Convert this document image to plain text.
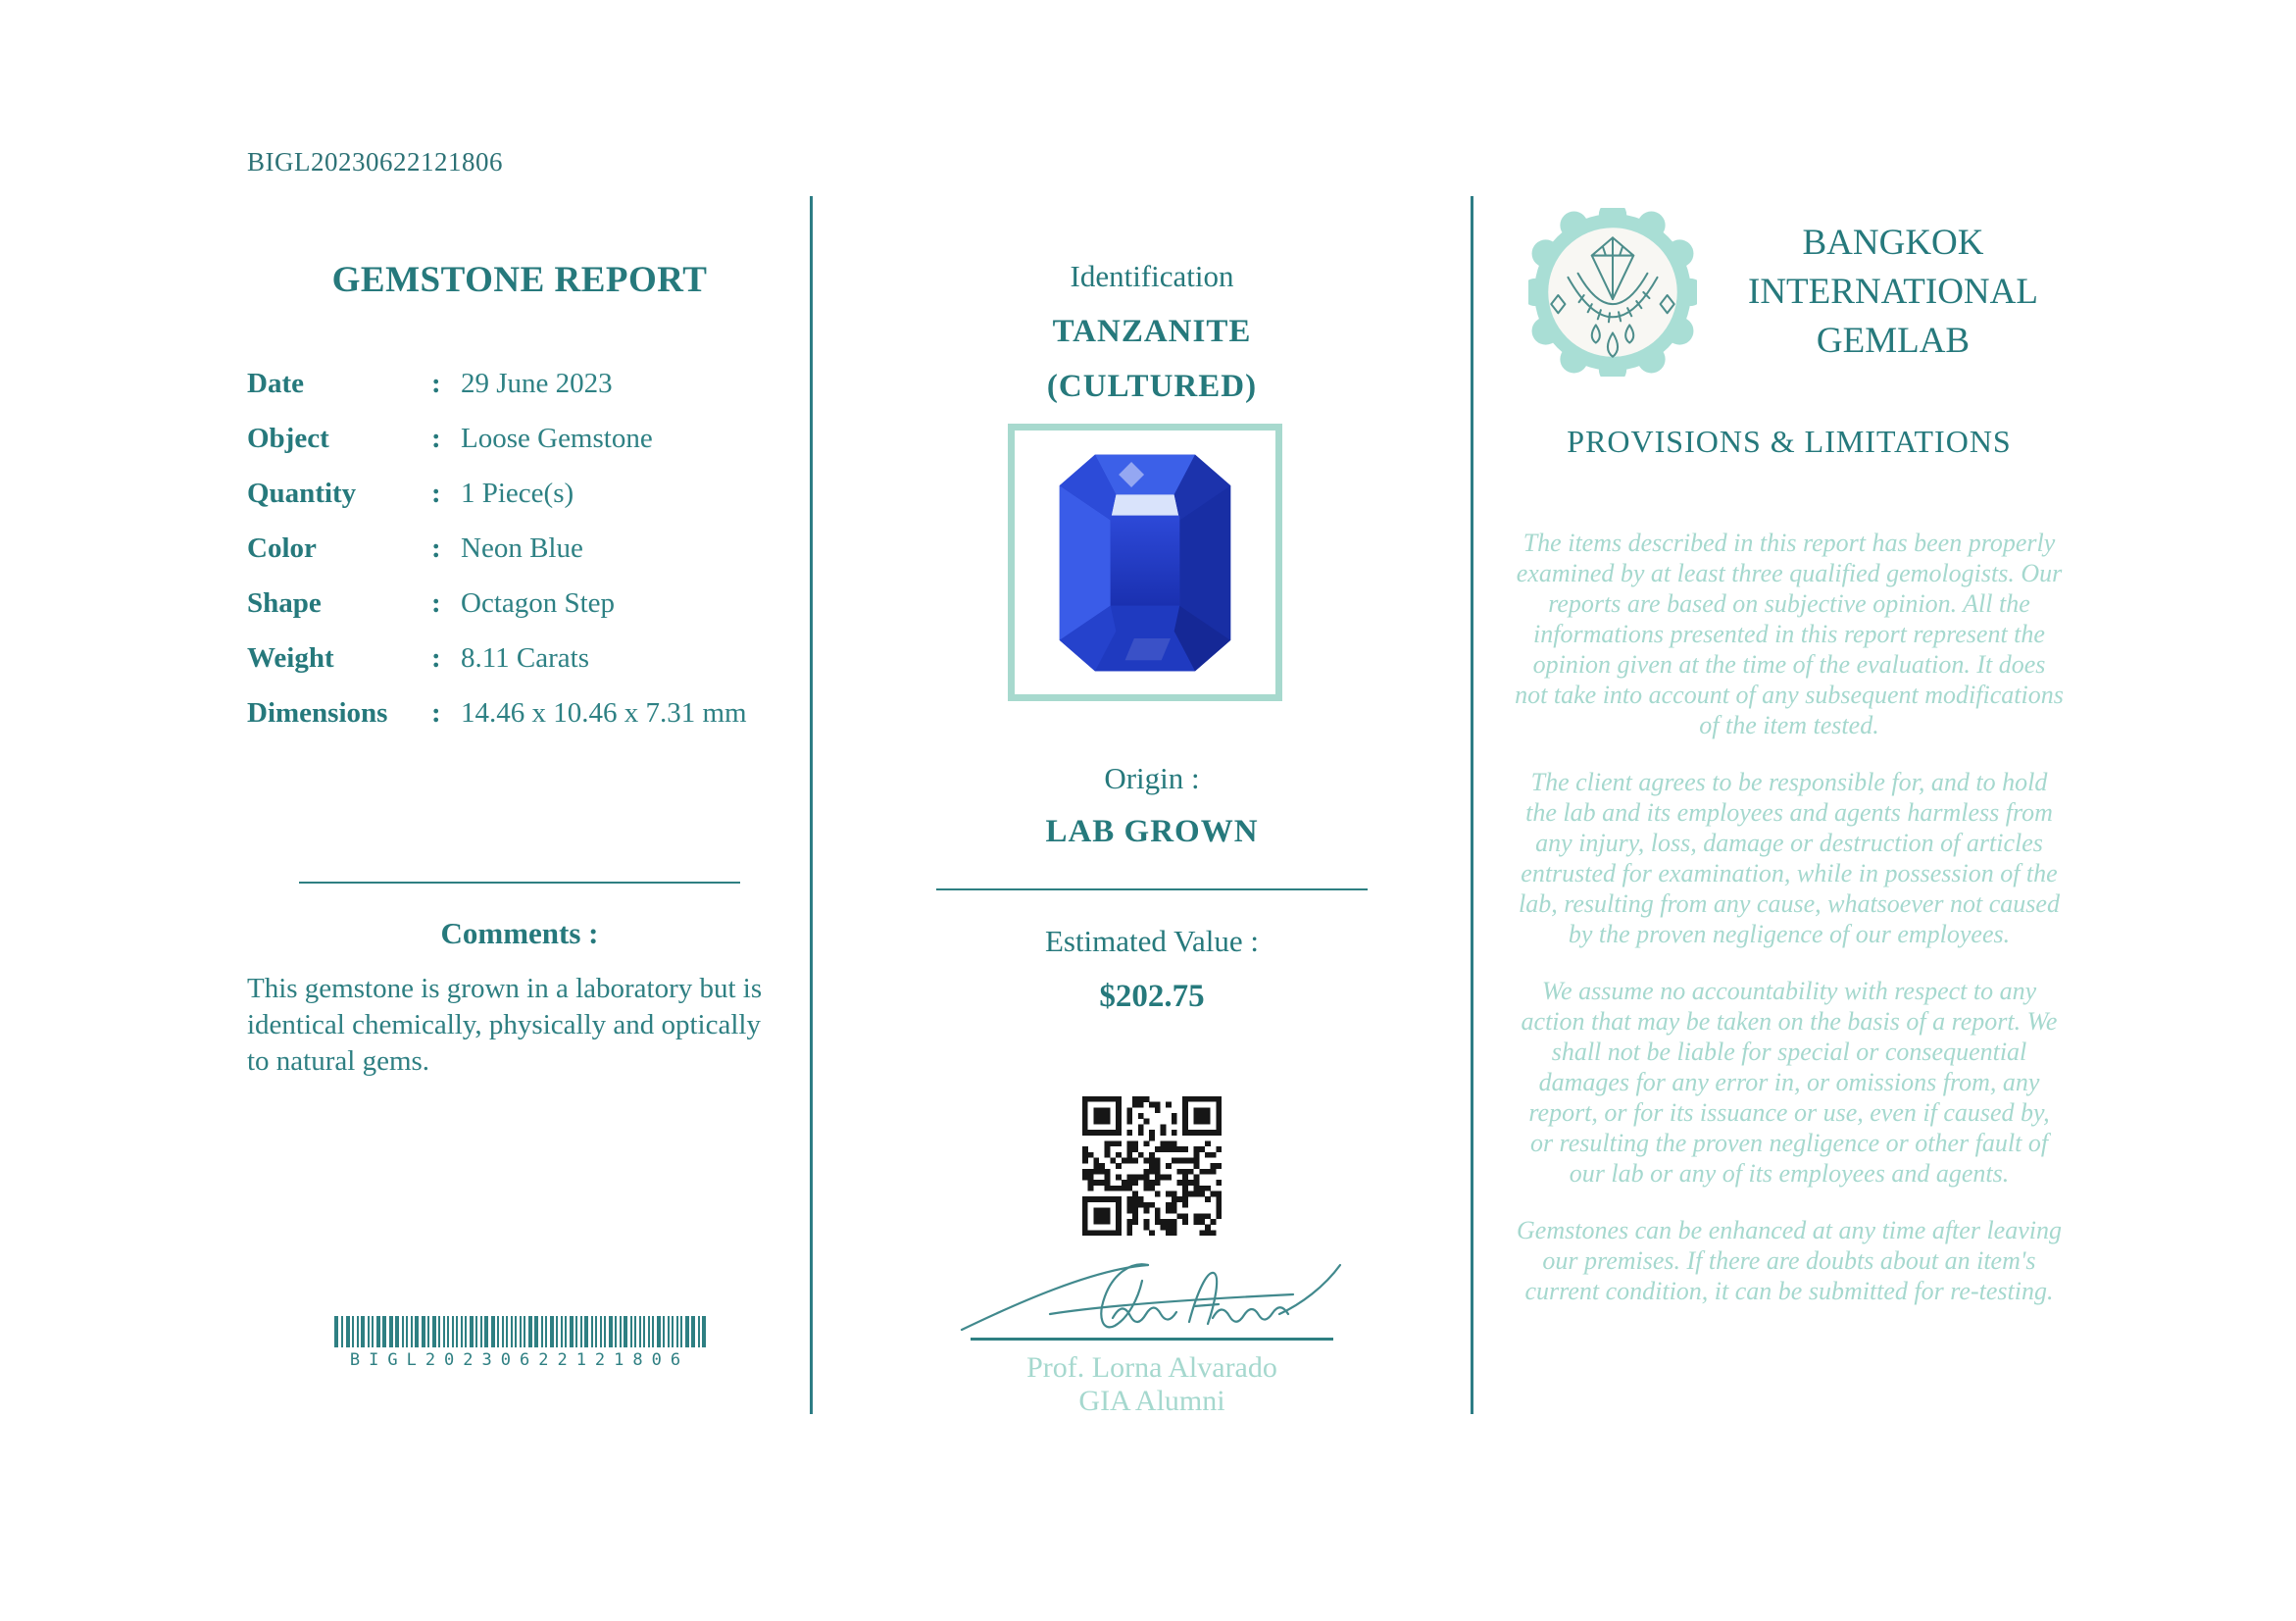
BIGL20230622121806
GEMSTONE REPORT
Date	: 29 June 2023
Object	: Loose Gemstone
Quantity	: 1 Piece(s)
Color	: Neon Blue
Shape	: Octagon Step
Weight	: 8.11 Carats
Dimensions	: 14.46 x 10.46 x 7.31 mm
Comments :

This gemstone is grown in a laboratory but is identical chemically, physically and optically to natural gems.

BIGL20230622121806
Identification
TANZANITE
(CULTURED)
Origin :
LAB GROWN
Estimated Value :
$202.75
Prof. Lorna Alvarado
GIA Alumni
BANGKOK
INTERNATIONAL
GEMLAB
PROVISIONS & LIMITATIONS

The items described in this report has been properly examined by at least three qualified gemologists. Our reports are based on subjective opinion. All the informations presented in this report represent the opinion given at the time of the evaluation. It does not take into account of any subsequent modifications of the item tested.

The client agrees to be responsible for, and to hold the lab and its employees and agents harmless from any injury, loss, damage or destruction of articles entrusted for examination, while in possession of the lab, resulting from any cause, whatsoever not caused by the proven negligence of our employees.

We assume no accountability with respect to any action that may be taken on the basis of a report. We shall not be liable for special or consequential damages for any error in, or omissions from, any report, or for its issuance or use, even if caused by, or resulting the proven negligence or other fault of our lab or any of its employees and agents.

Gemstones can be enhanced at any time after leaving our premises. If there are doubts about an item's current condition, it can be submitted for re-testing.
